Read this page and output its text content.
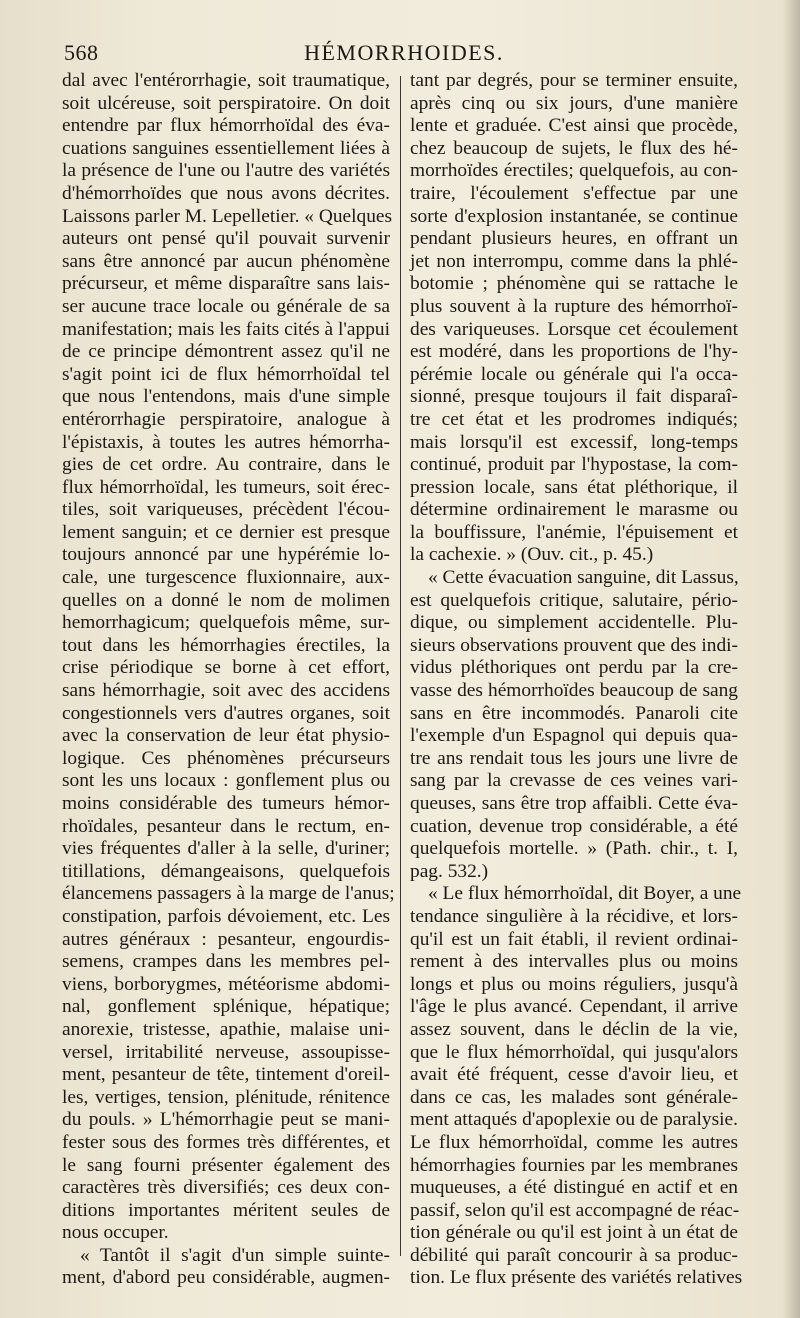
568	HÉMORRHOIDES.
dal avec l'entérorrhagie, soit traumatique,
soit ulcéreuse, soit perspiratoire. On doit
entendre par flux hémorrhoïdal des éva-
cuations sanguines essentiellement liées à
la présence de l'une ou l'autre des variétés
d'hémorrhoïdes que nous avons décrites.
Laissons parler M. Lepelletier. « Quelques
auteurs ont pensé qu'il pouvait survenir
sans être annoncé par aucun phénomène
précurseur, et même disparaître sans lais-
ser aucune trace locale ou générale de sa
manifestation; mais les faits cités à l'appui
de ce principe démontrent assez qu'il ne
s'agit point ici de flux hémorrhoïdal tel
que nous l'entendons, mais d'une simple
entérorrhagie perspiratoire, analogue à
l'épistaxis, à toutes les autres hémorrha-
gies de cet ordre. Au contraire, dans le
flux hémorrhoïdal, les tumeurs, soit érec-
tiles, soit variqueuses, précèdent l'écou-
lement sanguin; et ce dernier est presque
toujours annoncé par une hypérémie lo-
cale, une turgescence fluxionnaire, aux-
quelles on a donné le nom de molimen
hemorrhagicum; quelquefois même, sur-
tout dans les hémorrhagies érectiles, la
crise périodique se borne à cet effort,
sans hémorrhagie, soit avec des accidens
congestionnels vers d'autres organes, soit
avec la conservation de leur état physio-
logique. Ces phénomènes précurseurs
sont les uns locaux : gonflement plus ou
moins considérable des tumeurs hémor-
rhoïdales, pesanteur dans le rectum, en-
vies fréquentes d'aller à la selle, d'uriner;
titillations, démangeaisons, quelquefois
élancemens passagers à la marge de l'anus;
constipation, parfois dévoiement, etc. Les
autres généraux : pesanteur, engourdis-
semens, crampes dans les membres pel-
viens, borborygmes, météorisme abdomi-
nal, gonflement splénique, hépatique;
anorexie, tristesse, apathie, malaise uni-
versel, irritabilité nerveuse, assoupisse-
ment, pesanteur de tête, tintement d'oreil-
les, vertiges, tension, plénitude, rénitence
du pouls. » L'hémorrhagie peut se mani-
fester sous des formes très différentes, et
le sang fourni présenter également des
caractères très diversifiés; ces deux con-
ditions importantes méritent seules de
nous occuper.
« Tantôt il s'agit d'un simple suinte-
ment, d'abord peu considérable, augmen-
tant par degrés, pour se terminer ensuite,
après cinq ou six jours, d'une manière
lente et graduée. C'est ainsi que procède,
chez beaucoup de sujets, le flux des hé-
morrhoïdes érectiles; quelquefois, au con-
traire, l'écoulement s'effectue par une
sorte d'explosion instantanée, se continue
pendant plusieurs heures, en offrant un
jet non interrompu, comme dans la phlé-
botomie ; phénomène qui se rattache le
plus souvent à la rupture des hémorrhoï-
des variqueuses. Lorsque cet écoulement
est modéré, dans les proportions de l'hy-
pérémie locale ou générale qui l'a occa-
sionné, presque toujours il fait disparaî-
tre cet état et les prodromes indiqués;
mais lorsqu'il est excessif, long-temps
continué, produit par l'hypostase, la com-
pression locale, sans état pléthorique, il
détermine ordinairement le marasme ou
la bouffissure, l'anémie, l'épuisement et
la cachexie. » (Ouv. cit., p. 45.)
« Cette évacuation sanguine, dit Lassus,
est quelquefois critique, salutaire, pério-
dique, ou simplement accidentelle. Plu-
sieurs observations prouvent que des indi-
vidus pléthoriques ont perdu par la cre-
vasse des hémorrhoïdes beaucoup de sang
sans en être incommodés. Panaroli cite
l'exemple d'un Espagnol qui depuis qua-
tre ans rendait tous les jours une livre de
sang par la crevasse de ces veines vari-
queuses, sans être trop affaibli. Cette éva-
cuation, devenue trop considérable, a été
quelquefois mortelle. » (Path. chir., t. I,
pag. 532.)
« Le flux hémorrhoïdal, dit Boyer, a une
tendance singulière à la récidive, et lors-
qu'il est un fait établi, il revient ordinai-
rement à des intervalles plus ou moins
longs et plus ou moins réguliers, jusqu'à
l'âge le plus avancé. Cependant, il arrive
assez souvent, dans le déclin de la vie,
que le flux hémorrhoïdal, qui jusqu'alors
avait été fréquent, cesse d'avoir lieu, et
dans ce cas, les malades sont générale-
ment attaqués d'apoplexie ou de paralysie.
Le flux hémorrhoïdal, comme les autres
hémorrhagies fournies par les membranes
muqueuses, a été distingué en actif et en
passif, selon qu'il est accompagné de réac-
tion générale ou qu'il est joint à un état de
débilité qui paraît concourir à sa produc-
tion. Le flux présente des variétés relatives
